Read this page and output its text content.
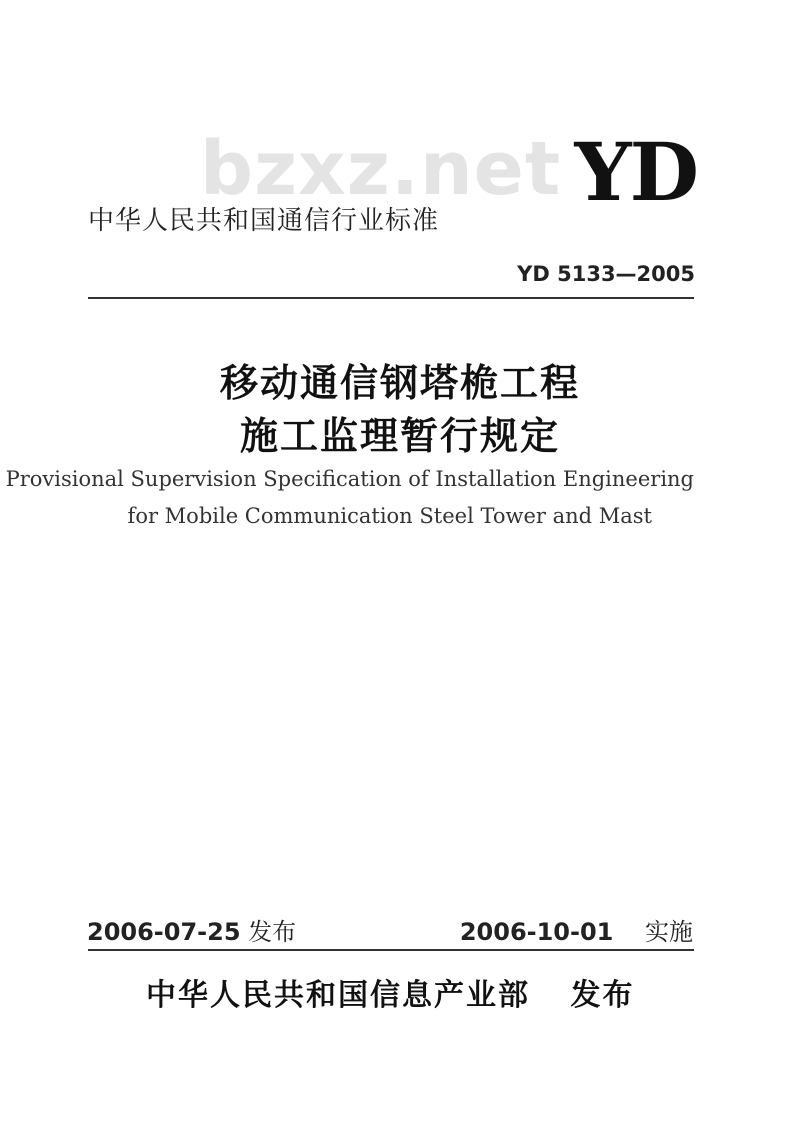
bzxz.net YD
中华人民共和国通信行业标准
YD 5133—2005
移动通信钢塔桅工程
施工监理暂行规定
Provisional Supervision Specification of Installation Engineering
for Mobile Communication Steel Tower and Mast
2006-07-25 发布	2006-10-01 实施
中华人民共和国信息产业部 发布
